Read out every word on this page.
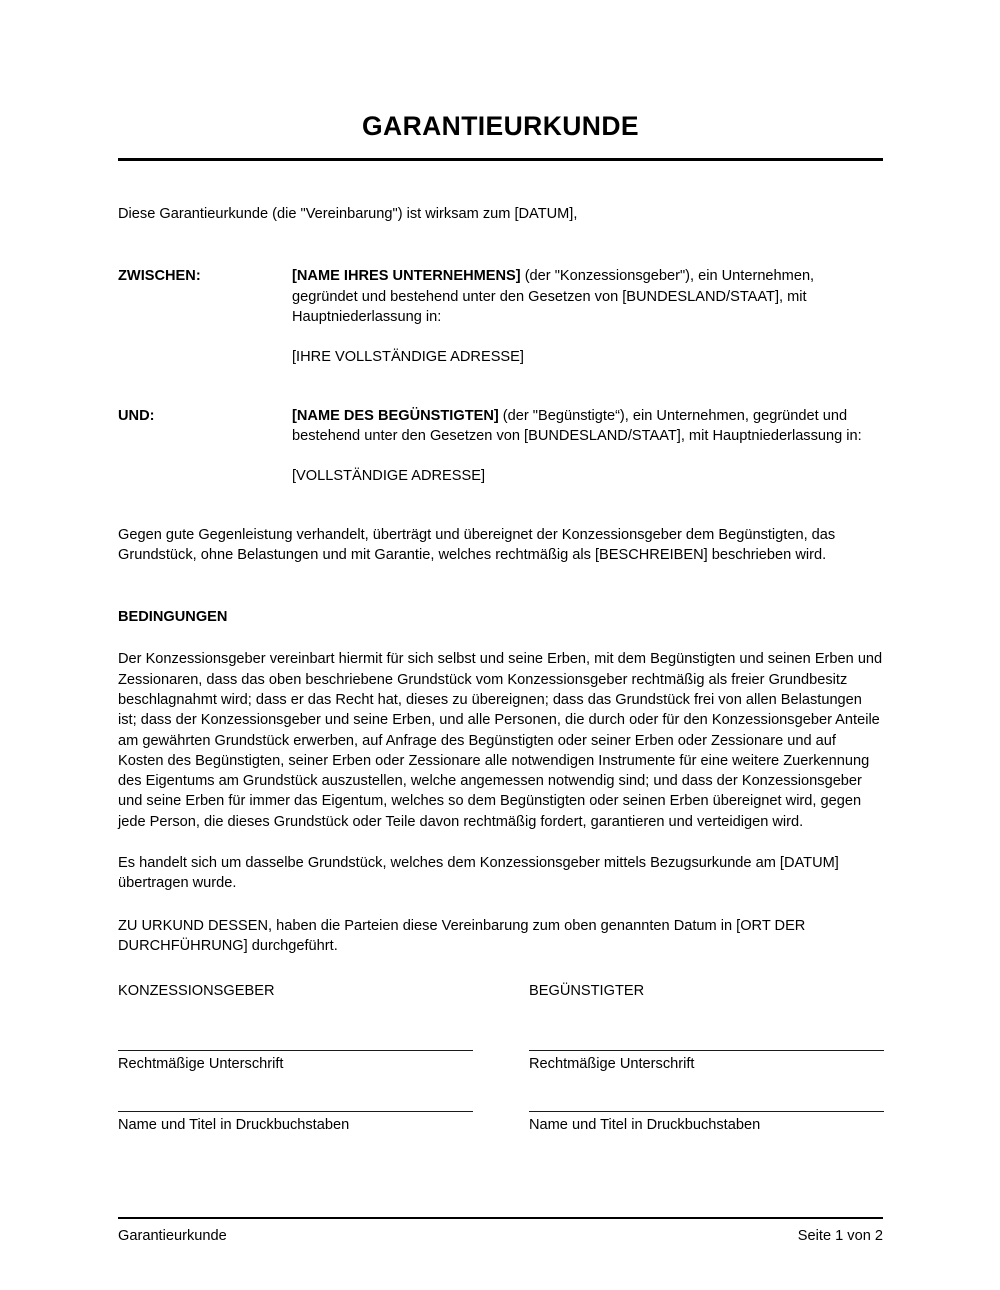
GARANTIEURKUNDE

Diese Garantieurkunde (die "Vereinbarung") ist wirksam zum [DATUM],

ZWISCHEN:	[NAME IHRES UNTERNEHMENS] (der "Konzessionsgeber"), ein Unternehmen, gegründet und bestehend unter den Gesetzen von [BUNDESLAND/STAAT], mit Hauptniederlassung in:
[IHRE VOLLSTÄNDIGE ADRESSE]
UND:	[NAME DES BEGÜNSTIGTEN] (der "Begünstigte“), ein Unternehmen, gegründet und bestehend unter den Gesetzen von [BUNDESLAND/STAAT], mit Hauptniederlassung in:
[VOLLSTÄNDIGE ADRESSE]

Gegen gute Gegenleistung verhandelt, überträgt und übereignet der Konzessionsgeber dem Begünstigten, das Grundstück, ohne Belastungen und mit Garantie, welches rechtmäßig als [BESCHREIBEN] beschrieben wird.

BEDINGUNGEN

Der Konzessionsgeber vereinbart hiermit für sich selbst und seine Erben, mit dem Begünstigten und seinen Erben und Zessionaren, dass das oben beschriebene Grundstück vom Konzessionsgeber rechtmäßig als freier Grundbesitz beschlagnahmt wird; dass er das Recht hat, dieses zu übereignen; dass das Grundstück frei von allen Belastungen ist; dass der Konzessionsgeber und seine Erben, und alle Personen, die durch oder für den Konzessionsgeber Anteile am gewährten Grundstück erwerben, auf Anfrage des Begünstigten oder seiner Erben oder Zessionare und auf Kosten des Begünstigten, seiner Erben oder Zessionare alle notwendigen Instrumente für eine weitere Zuerkennung des Eigentums am Grundstück auszustellen, welche angemessen notwendig sind; und dass der Konzessionsgeber und seine Erben für immer das Eigentum, welches so dem Begünstigten oder seinen Erben übereignet wird, gegen jede Person, die dieses Grundstück oder Teile davon rechtmäßig fordert, garantieren und verteidigen wird.

Es handelt sich um dasselbe Grundstück, welches dem Konzessionsgeber mittels Bezugsurkunde am [DATUM] übertragen wurde.

ZU URKUND DESSEN, haben die Parteien diese Vereinbarung zum oben genannten Datum in [ORT DER DURCHFÜHRUNG] durchgeführt.

KONZESSIONSGEBER	BEGÜNSTIGTER
Rechtmäßige Unterschrift	Rechtmäßige Unterschrift
Name und Titel in Druckbuchstaben	Name und Titel in Druckbuchstaben
Garantieurkunde	Seite 1 von 2
